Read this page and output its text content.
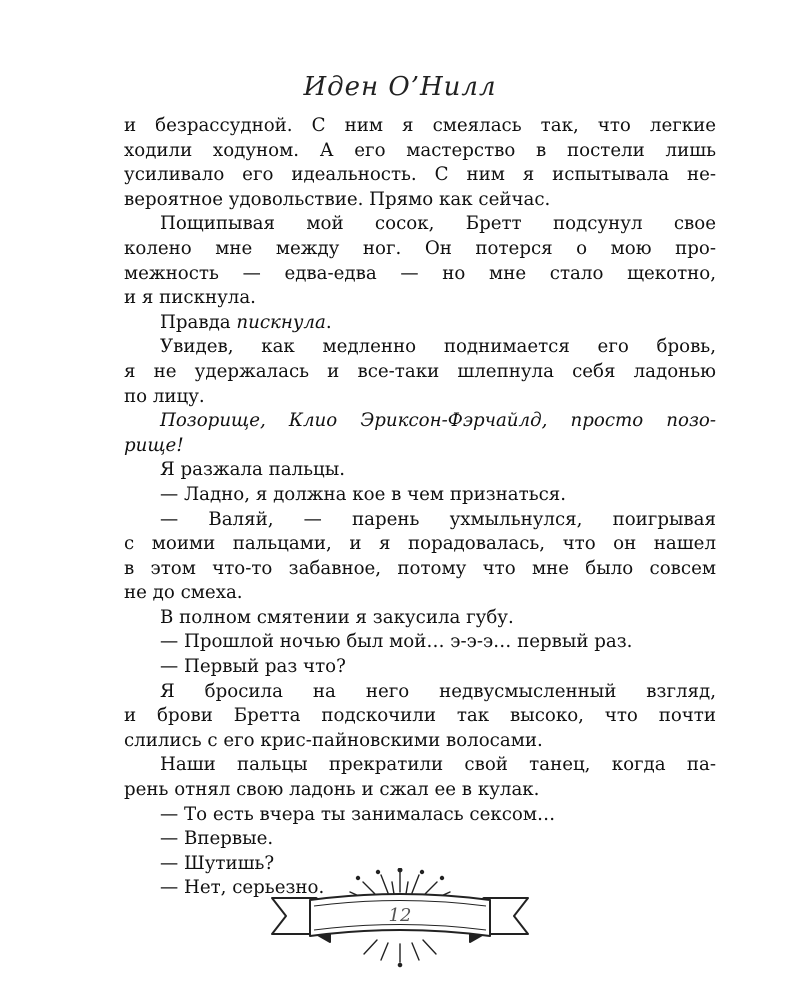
Иден О’Нилл
и безрассудной. С ним я смеялась так, что легкие
ходили ходуном. А его мастерство в постели лишь
усиливало его идеальность. С ним я испытывала не-
вероятное удовольствие. Прямо как сейчас.
Пощипывая мой сосок, Бретт подсунул свое
колено мне между ног. Он потерся о мою про-
межность — едва-едва — но мне стало щекотно,
и я пискнула.
Правда пискнула.
Увидев, как медленно поднимается его бровь,
я не удержалась и все-таки шлепнула себя ладонью
по лицу.
Позорище, Клио Эриксон-Фэрчайлд, просто позо-
рище!
Я разжала пальцы.
— Ладно, я должна кое в чем признаться.
— Валяй, — парень ухмыльнулся, поигрывая
с моими пальцами, и я порадовалась, что он нашел
в этом что-то забавное, потому что мне было совсем
не до смеха.
В полном смятении я закусила губу.
— Прошлой ночью был мой… э-э-э… первый раз.
— Первый раз что?
Я бросила на него недвусмысленный взгляд,
и брови Бретта подскочили так высоко, что почти
слились с его крис-пайновскими волосами.
Наши пальцы прекратили свой танец, когда па-
рень отнял свою ладонь и сжал ее в кулак.
— То есть вчера ты занималась сексом…
— Впервые.
— Шутишь?
— Нет, серьезно.
12
